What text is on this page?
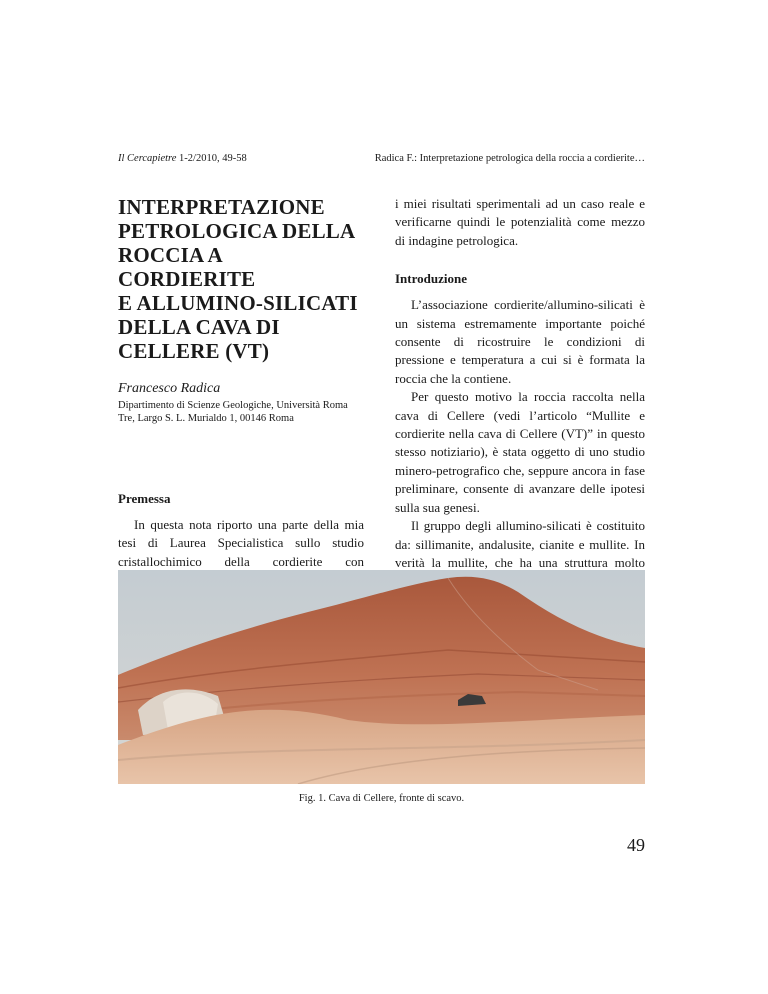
Il Cercapietre 1-2/2010, 49-58	Radica F.: Interpretazione petrologica della roccia a cordierite…
INTERPRETAZIONE
PETROLOGICA DELLA
ROCCIA A CORDIERITE
E ALLUMINO-SILICATI
DELLA CAVA DI
CELLERE (VT)
Francesco Radica
Dipartimento di Scienze Geologiche, Università Roma Tre, Largo S. L. Murialdo 1, 00146 Roma
Premessa

In questa nota riporto una parte della mia tesi di Laurea Specialistica sullo studio cristallochimico della cordierite con

i miei risultati sperimentali ad un caso reale e verificarne quindi le potenzialità come mezzo di indagine petrologica.

Introduzione

L’associazione cordierite/allumino-silicati è un sistema estremamente importante poiché consente di ricostruire le condizioni di pressione e temperatura a cui si è formata la roccia che la contiene.

Per questo motivo la roccia raccolta nella cava di Cellere (vedi l’articolo “Mullite e cordierite nella cava di Cellere (VT)” in questo stesso notiziario), è stata oggetto di uno studio minero-petrografico che, seppure ancora in fase preliminare, consente di avanzare delle ipotesi sulla sua genesi.

Il gruppo degli allumino-silicati è costituito da: sillimanite, andalusite, cianite e mullite. In verità la mullite, che ha una struttura molto

Fig. 1. Cava di Cellere, fronte di scavo.
49
